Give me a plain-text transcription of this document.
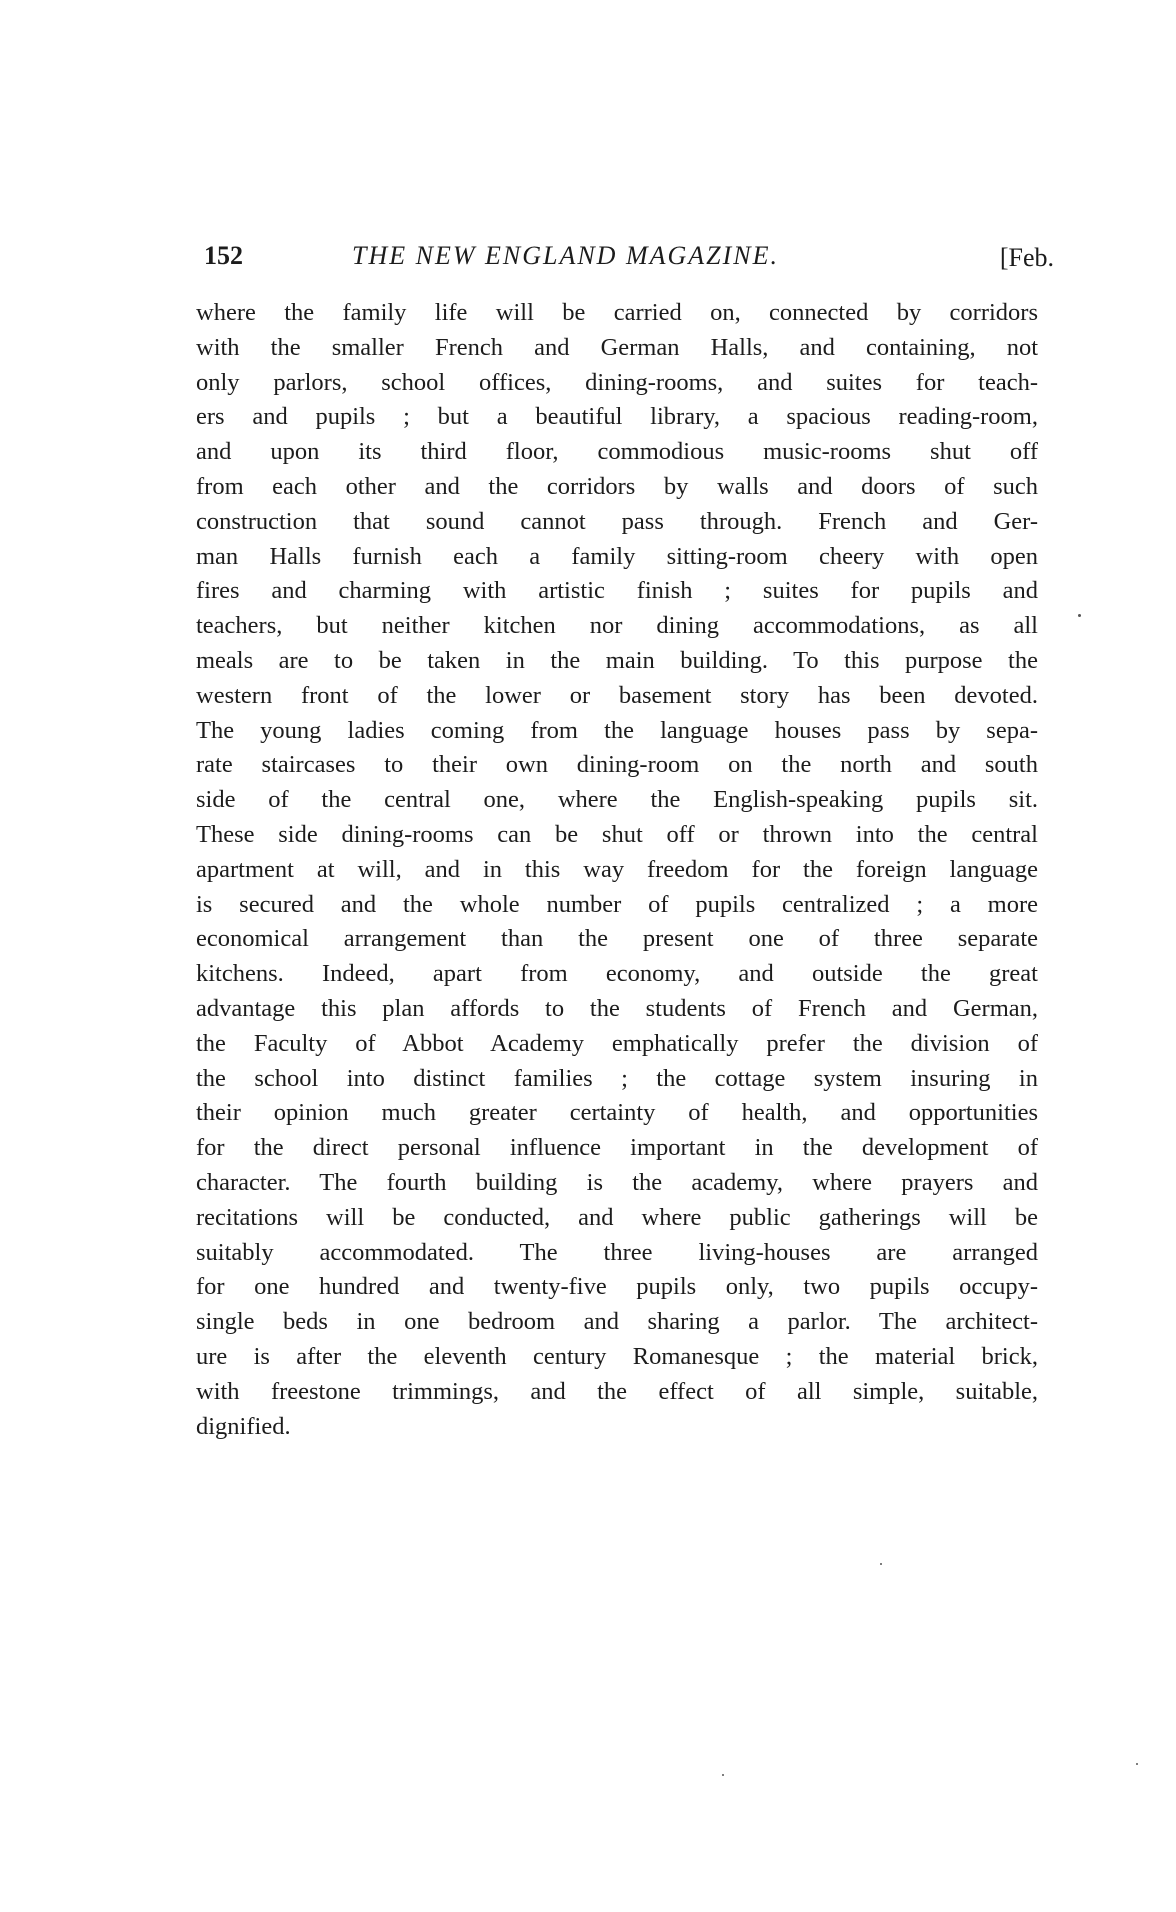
152	THE NEW ENGLAND MAGAZINE.	[Feb.
where the family life will be carried on, connected by corridors
with the smaller French and German Halls, and containing, not
only parlors, school offices, dining-rooms, and suites for teach-
ers and pupils ; but a beautiful library, a spacious reading-room,
and upon its third floor, commodious music-rooms shut off
from each other and the corridors by walls and doors of such
construction that sound cannot pass through. French and Ger-
man Halls furnish each a family sitting-room cheery with open
fires and charming with artistic finish ; suites for pupils and
teachers, but neither kitchen nor dining accommodations, as all
meals are to be taken in the main building. To this purpose the
western front of the lower or basement story has been devoted.
The young ladies coming from the language houses pass by sepa-
rate staircases to their own dining-room on the north and south
side of the central one, where the English-speaking pupils sit.
These side dining-rooms can be shut off or thrown into the central
apartment at will, and in this way freedom for the foreign language
is secured and the whole number of pupils centralized ; a more
economical arrangement than the present one of three separate
kitchens. Indeed, apart from economy, and outside the great
advantage this plan affords to the students of French and German,
the Faculty of Abbot Academy emphatically prefer the division of
the school into distinct families ; the cottage system insuring in
their opinion much greater certainty of health, and opportunities
for the direct personal influence important in the development of
character. The fourth building is the academy, where prayers and
recitations will be conducted, and where public gatherings will be
suitably accommodated. The three living-houses are arranged
for one hundred and twenty-five pupils only, two pupils occupy-
single beds in one bedroom and sharing a parlor. The architect-
ure is after the eleventh century Romanesque ; the material brick,
with freestone trimmings, and the effect of all simple, suitable,
dignified.
